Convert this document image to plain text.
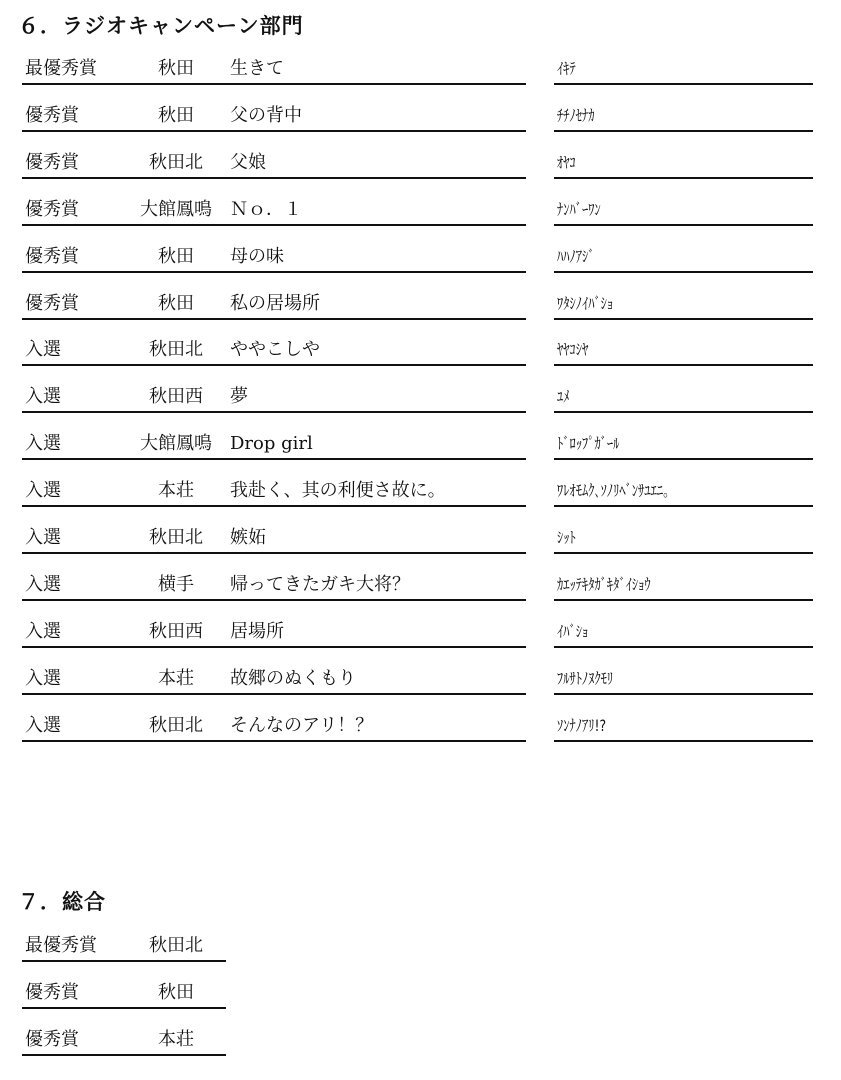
６．ラジオキャンペーン部門
最優秀賞	秋田	生きて	ｲｷﾃ
優秀賞	秋田	父の背中	ﾁﾁﾉｾﾅｶ
優秀賞	秋田北	父娘	ｵﾔｺ
優秀賞	大館鳳鳴	Ｎｏ．１	ﾅﾝﾊﾞｰﾜﾝ
優秀賞	秋田	母の味	ﾊﾊﾉｱｼﾞ
優秀賞	秋田	私の居場所	ﾜﾀｼﾉｲﾊﾞｼｮ
入選	秋田北	ややこしや	ﾔﾔｺｼﾔ
入選	秋田西	夢	ﾕﾒ
入選	大館鳳鳴	Drop girl	ﾄﾞﾛｯﾌﾟｶﾞｰﾙ
入選	本荘	我赴く、其の利便さ故に。	ﾜﾚｵﾓﾑｸ､ｿﾉﾘﾍﾞﾝｻﾕｴﾆ｡
入選	秋田北	嫉妬	ｼｯﾄ
入選	横手	帰ってきたガキ大将？	ｶｴｯﾃｷﾀｶﾞｷﾀﾞｲｼｮｳ
入選	秋田西	居場所	ｲﾊﾞｼｮ
入選	本荘	故郷のぬくもり	ﾌﾙｻﾄﾉﾇｸﾓﾘ
入選	秋田北	そんなのアリ！？	ｿﾝﾅﾉｱﾘ!?
７．総合
最優秀賞	秋田北
優秀賞	秋田
優秀賞	本荘
